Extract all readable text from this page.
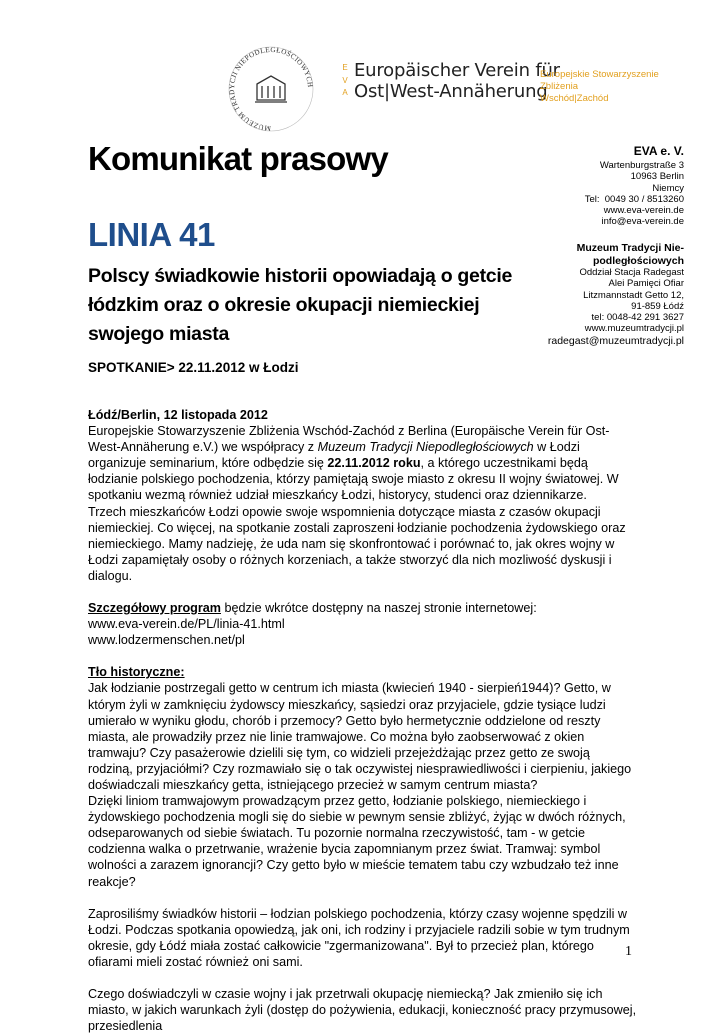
MUZEUM TRADYCJI NIEPODLEGŁOŚCIOWYCH
E
V
A
Europäischer Verein für
Ost|West-Annäherung
Europejskie Stowarzyszenie
Zbliżenia
Wschód|Zachód
Komunikat prasowy
LINIA 41
Polscy świadkowie historii opowiadają o getcie łódzkim oraz o okresie okupacji niemieckiej swojego miasta
SPOTKANIE> 22.11.2012 w Łodzi
EVA e. V.
Wartenburgstraße 3
10963 Berlin
Niemcy
Tel:  0049 30 / 8513260
www.eva-verein.de
info@eva-verein.de
Muzeum Tradycji Nie-podległościowych
Oddział Stacja Radegast
Alei Pamięci Ofiar
Litzmannstadt Getto 12,
91-859 Łódź
tel: 0048-42 291 3627
www.muzeumtradycji.pl
radegast@muzeumtradycji.pl

Łódź/Berlin, 12 listopada 2012

Europejskie Stowarzyszenie Zbliżenia Wschód-Zachód z Berlina (Europäische Verein für Ost-West-Annäherung e.V.) we współpracy z Muzeum Tradycji Niepodległościowych w Łodzi organizuje seminarium, które odbędzie się 22.11.2012 roku, a którego uczestnikami będą łodzianie polskiego pochodzenia, którzy pamiętają swoje miasto z okresu II wojny światowej. W spotkaniu wezmą również udział mieszkańcy Łodzi, historycy, studenci oraz dziennikarze.

Trzech mieszkańców Łodzi opowie swoje wspomnienia dotyczące miasta z czasów okupacji niemieckiej. Co więcej, na spotkanie zostali zaproszeni łodzianie pochodzenia żydowskiego oraz niemieckiego. Mamy nadzieję, że uda nam się skonfrontować i porównać to, jak okres wojny w Łodzi zapamiętały osoby o różnych korzeniach, a także stworzyć dla nich mozliwość dyskusji i dialogu.

Szczegółowy program będzie wkrótce dostępny na naszej stronie internetowej:

www.eva-verein.de/PL/linia-41.html

www.lodzermenschen.net/pl

Tło historyczne:

Jak łodzianie postrzegali getto w centrum ich miasta (kwiecień 1940 - sierpień1944)? Getto, w którym żyli w zamknięciu żydowscy mieszkańcy, sąsiedzi oraz przyjaciele, gdzie tysiące ludzi umierało w wyniku głodu, chorób i przemocy? Getto było hermetycznie oddzielone od reszty miasta, ale prowadziły przez nie linie tramwajowe. Co można było zaobserwować z okien tramwaju? Czy pasażerowie dzielili się tym, co widzieli przejeżdżając przez getto ze swoją rodziną, przyjaciółmi? Czy rozmawiało się o tak oczywistej niesprawiedliwości i cierpieniu, jakiego doświadczali mieszkańcy getta, istniejącego przecież w samym centrum miasta?

Dzięki liniom tramwajowym prowadzącym przez getto, łodzianie polskiego, niemieckiego i żydowskiego pochodzenia mogli się do siebie w pewnym sensie zbliżyć, żyjąc w dwóch różnych, odseparowanych od siebie światach. Tu pozornie normalna rzeczywistość, tam - w getcie codzienna walka o przetrwanie, wrażenie bycia zapomnianym przez świat. Tramwaj: symbol wolności a zarazem ignorancji? Czy getto było w mieście tematem tabu czy wzbudzało też inne reakcje?

Zaprosiliśmy świadków historii – łodzian polskiego pochodzenia, którzy czasy wojenne spędzili w Łodzi. Podczas spotkania opowiedzą, jak oni, ich rodziny i przyjaciele radzili sobie w tym trudnym okresie, gdy Łódź miała zostać całkowicie "zgermanizowana". Był to przecież plan, którego ofiarami mieli zostać również oni sami.

Czego doświadczyli w czasie wojny i jak przetrwali okupację niemiecką? Jak zmieniło się ich miasto, w jakich warunkach żyli (dostęp do pożywienia, edukacji, konieczność pracy przymusowej, przesiedlenia

1
